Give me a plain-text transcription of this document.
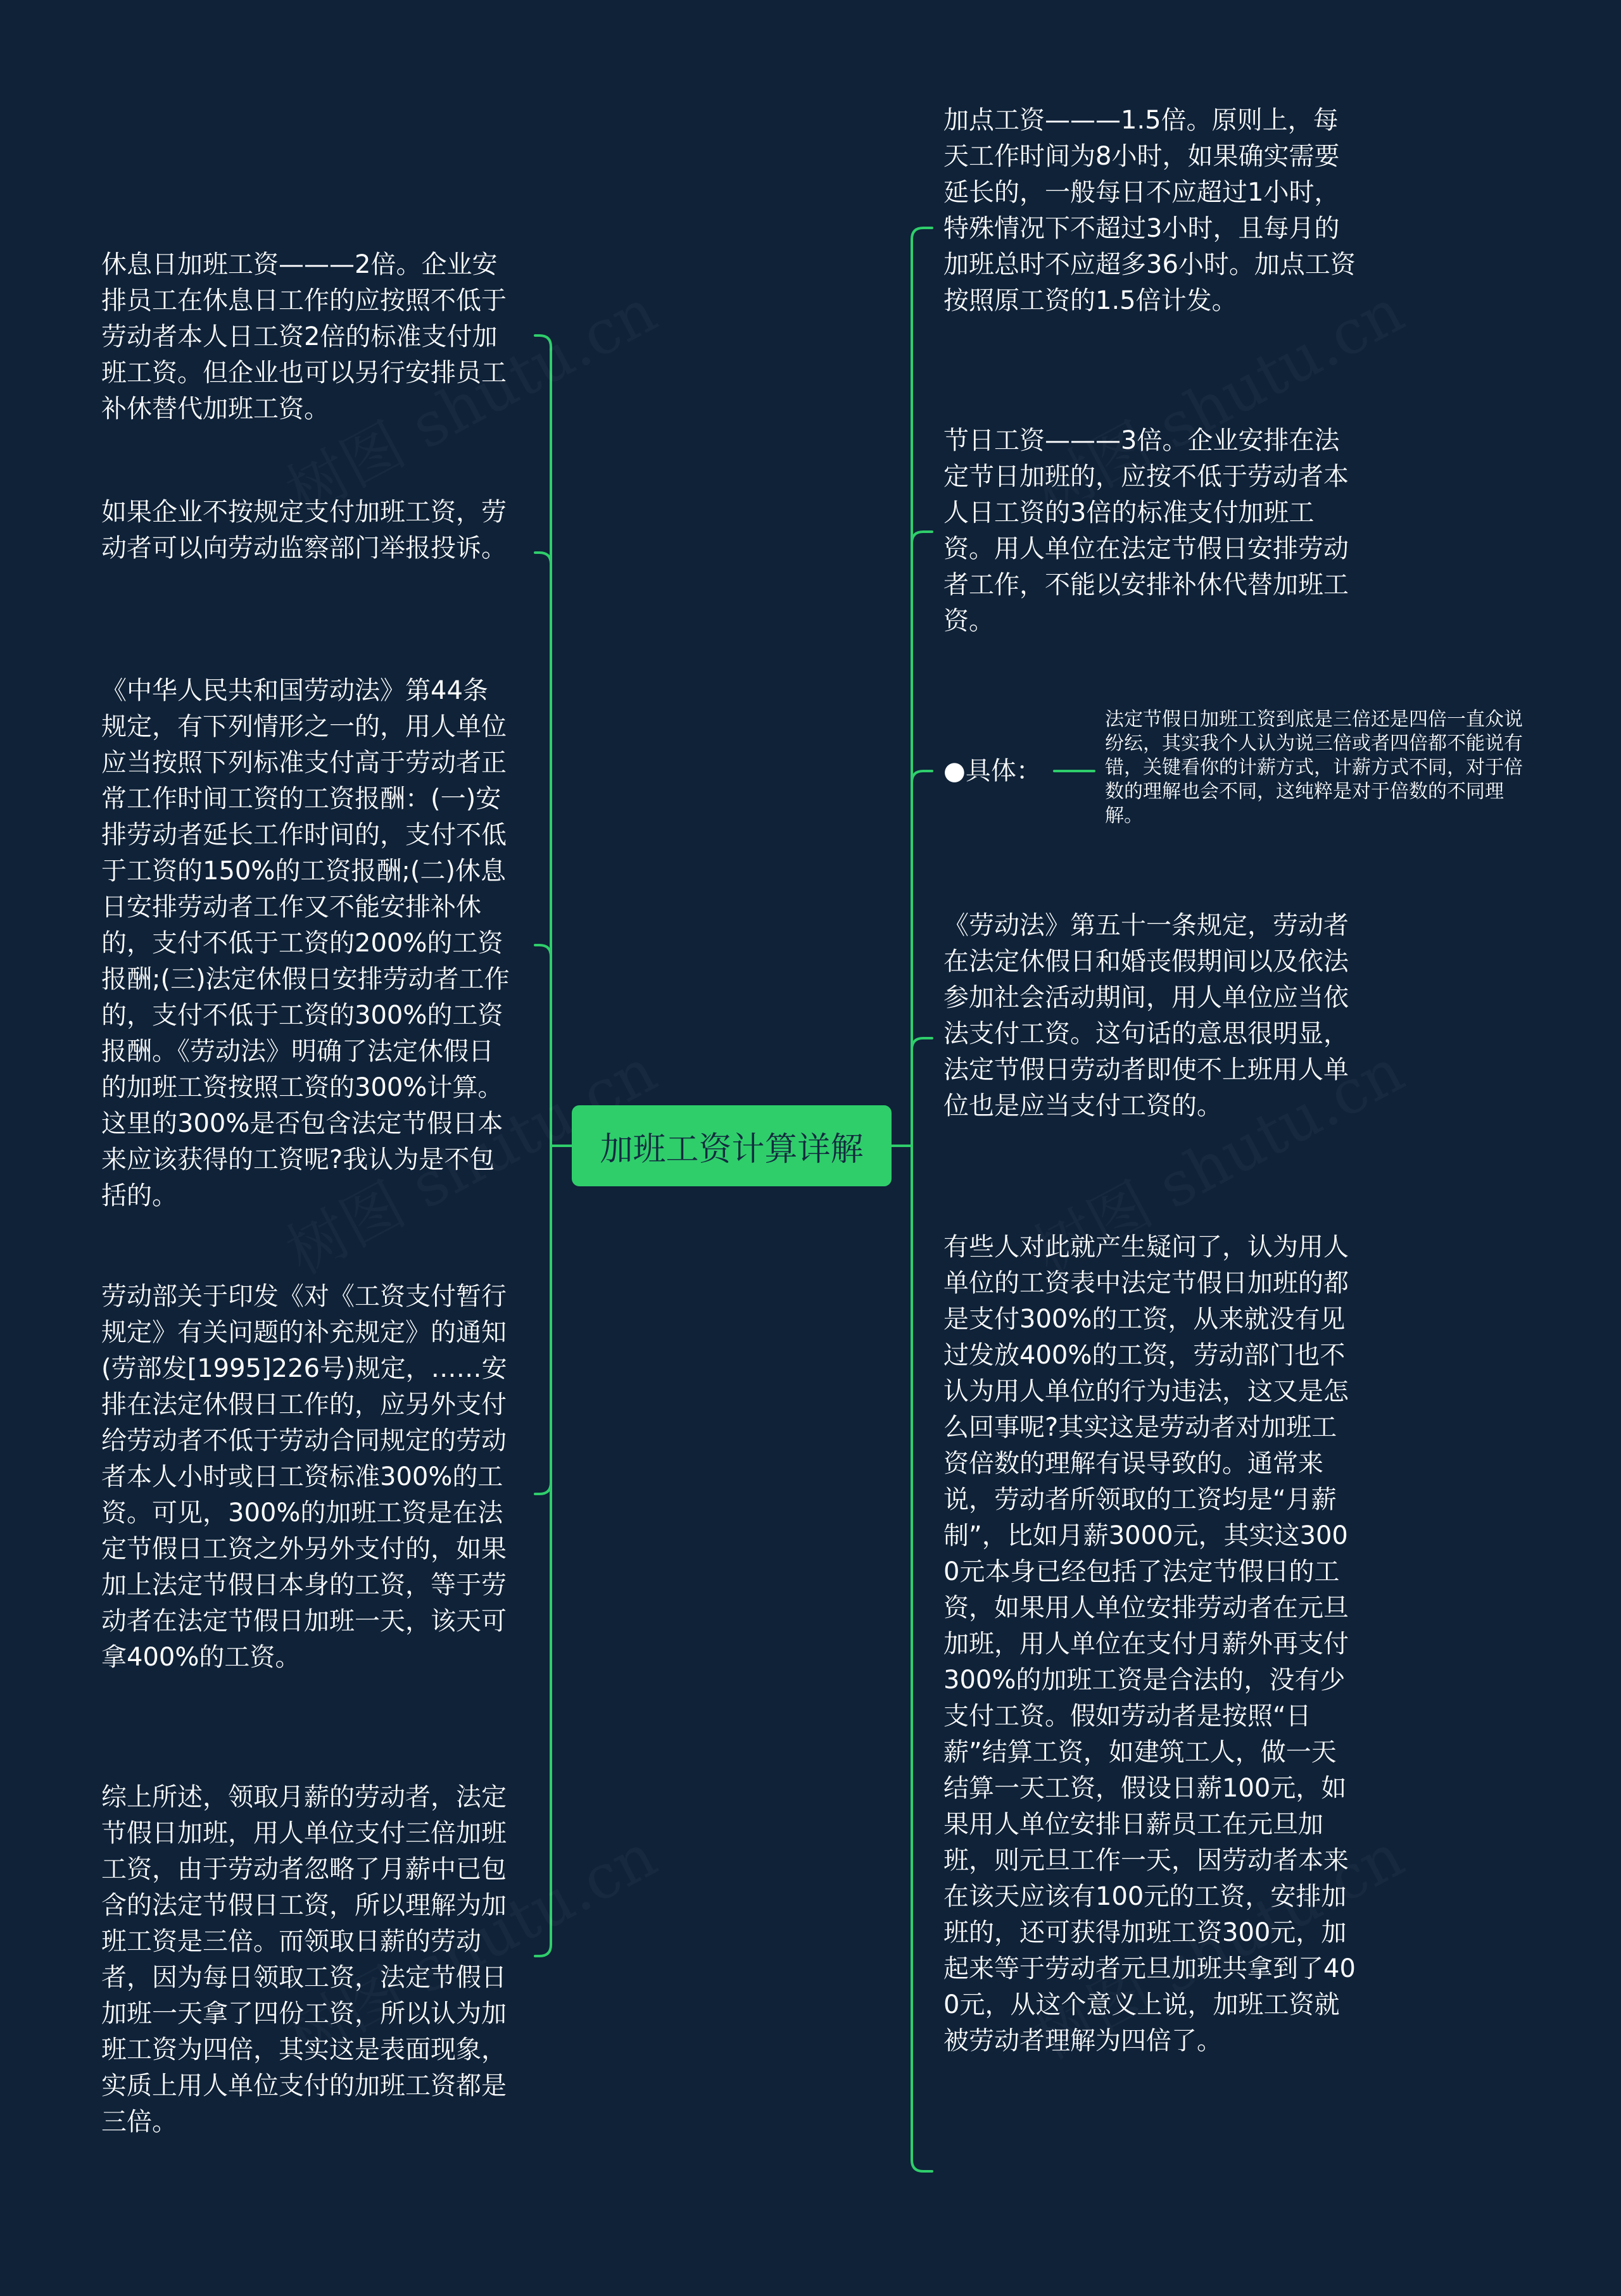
加班工资计算详解
休息日加班工资———2倍。企业安排员工在休息日工作的应按照不低于劳动者本人日工资2倍的标准支付加班工资。但企业也可以另行安排员工补休替代加班工资。
如果企业不按规定支付加班工资，劳动者可以向劳动监察部门举报投诉。
《中华人民共和国劳动法》第44条规定，有下列情形之一的，用人单位应当按照下列标准支付高于劳动者正常工作时间工资的工资报酬：(一)安排劳动者延长工作时间的，支付不低于工资的150%的工资报酬;(二)休息日安排劳动者工作又不能安排补休的，支付不低于工资的200%的工资报酬;(三)法定休假日安排劳动者工作的，支付不低于工资的300%的工资报酬。《劳动法》明确了法定休假日的加班工资按照工资的300%计算。这里的300%是否包含法定节假日本来应该获得的工资呢?我认为是不包括的。
劳动部关于印发《对《工资支付暂行规定》有关问题的补充规定》的通知(劳部发[1995]226号)规定，……安排在法定休假日工作的，应另外支付给劳动者不低于劳动合同规定的劳动者本人小时或日工资标准300%的工资。可见，300%的加班工资是在法定节假日工资之外另外支付的，如果加上法定节假日本身的工资，等于劳动者在法定节假日加班一天，该天可拿400%的工资。
综上所述，领取月薪的劳动者，法定节假日加班，用人单位支付三倍加班工资，由于劳动者忽略了月薪中已包含的法定节假日工资，所以理解为加班工资是三倍。而领取日薪的劳动者，因为每日领取工资，法定节假日加班一天拿了四份工资，所以认为加班工资为四倍，其实这是表面现象，实质上用人单位支付的加班工资都是三倍。
加点工资———1.5倍。原则上，每天工作时间为8小时，如果确实需要延长的，一般每日不应超过1小时，特殊情况下不超过3小时，且每月的加班总时不应超多36小时。加点工资按照原工资的1.5倍计发。
节日工资———3倍。企业安排在法定节日加班的，应按不低于劳动者本人日工资的3倍的标准支付加班工资。用人单位在法定节假日安排劳动者工作，不能以安排补休代替加班工资。
●具体：
法定节假日加班工资到底是三倍还是四倍一直众说纷纭，其实我个人认为说三倍或者四倍都不能说有错，关键看你的计薪方式，计薪方式不同，对于倍数的理解也会不同，这纯粹是对于倍数的不同理解。
《劳动法》第五十一条规定，劳动者在法定休假日和婚丧假期间以及依法参加社会活动期间，用人单位应当依法支付工资。这句话的意思很明显，法定节假日劳动者即使不上班用人单位也是应当支付工资的。
有些人对此就产生疑问了，认为用人单位的工资表中法定节假日加班的都是支付300%的工资，从来就没有见过发放400%的工资，劳动部门也不认为用人单位的行为违法，这又是怎么回事呢?其实这是劳动者对加班工资倍数的理解有误导致的。通常来说，劳动者所领取的工资均是“月薪制”，比如月薪3000元，其实这3000元本身已经包括了法定节假日的工资，如果用人单位安排劳动者在元旦加班，用人单位在支付月薪外再支付300%的加班工资是合法的，没有少支付工资。假如劳动者是按照“日薪”结算工资，如建筑工人，做一天结算一天工资，假设日薪100元，如果用人单位安排日薪员工在元旦加班，则元旦工作一天，因劳动者本来在该天应该有100元的工资，安排加班的，还可获得加班工资300元，加起来等于劳动者元旦加班共拿到了400元，从这个意义上说，加班工资就被劳动者理解为四倍了。
